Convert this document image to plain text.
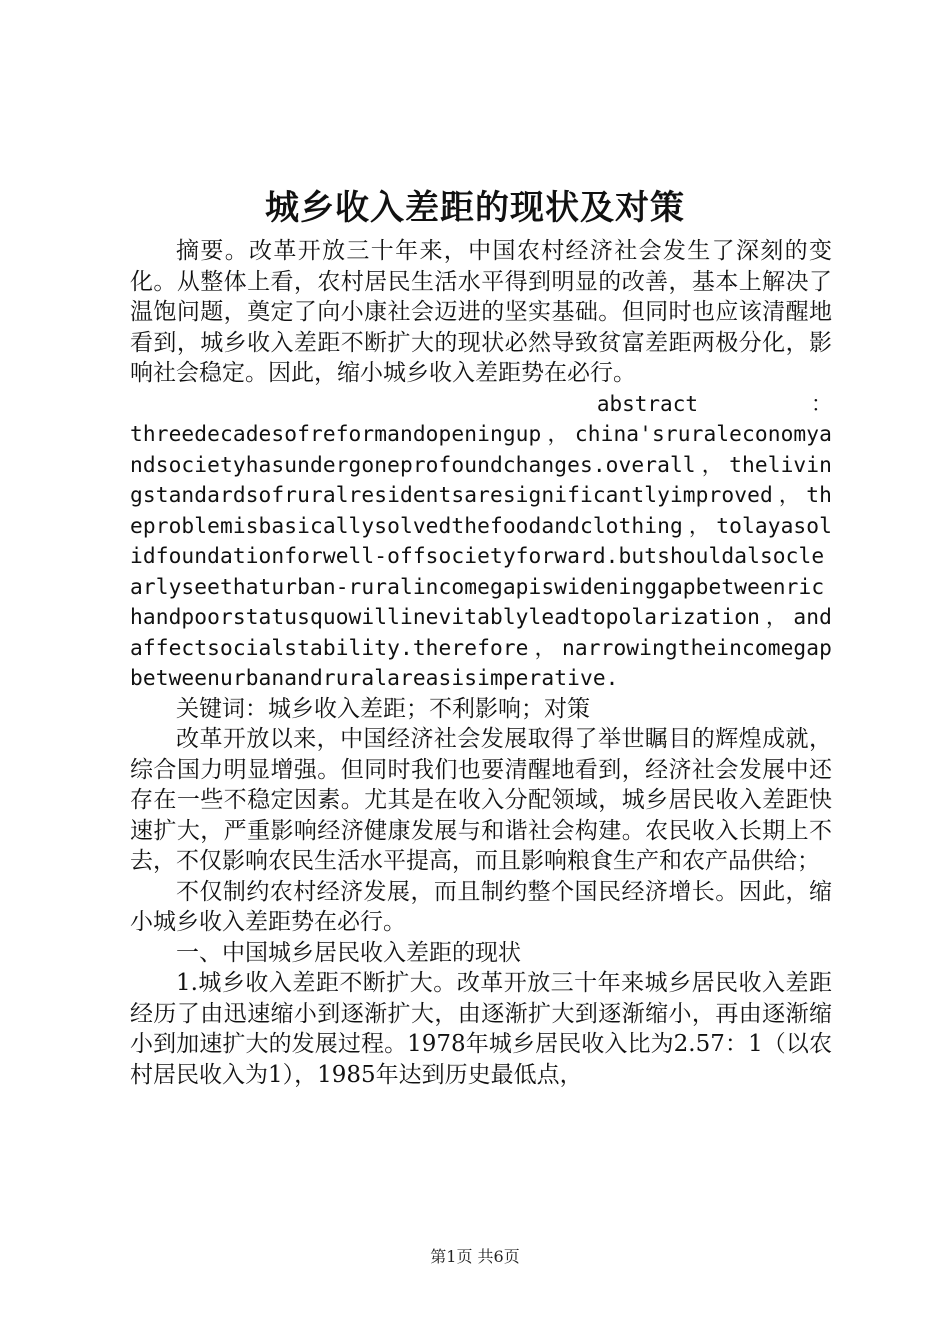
城乡收入差距的现状及对策

摘要。改革开放三十年来，中国农村经济社会发生了深刻的变化。从整体上看，农村居民生活水平得到明显的改善，基本上解决了温饱问题，奠定了向小康社会迈进的坚实基础。但同时也应该清醒地看到，城乡收入差距不断扩大的现状必然导致贫富差距两极分化，影响社会稳定。因此，缩小城乡收入差距势在必行。

abstract	：

threedecadesofreformandopeningup，china'sruraleconomyandsocietyhasundergoneprofoundchanges.overall，thelivingstandardsofruralresidentsaresignificantlyimproved，theproblemisbasicallysolvedthefoodandclothing，tolayasolidfoundationforwell-offsocietyforward.butshouldalsoclearlyseethaturban-ruralincomegapiswideninggapbetweenrichandpoorstatusquowillinevitablyleadtopolarization，andaffectsocialstability.therefore，narrowingtheincomegapbetweenurbanandruralareasisimperative.

关键词：城乡收入差距；不利影响；对策

改革开放以来，中国经济社会发展取得了举世瞩目的辉煌成就，综合国力明显增强。但同时我们也要清醒地看到，经济社会发展中还存在一些不稳定因素。尤其是在收入分配领域，城乡居民收入差距快速扩大，严重影响经济健康发展与和谐社会构建。农民收入长期上不去，不仅影响农民生活水平提高，而且影响粮食生产和农产品供给；

不仅制约农村经济发展，而且制约整个国民经济增长。因此，缩小城乡收入差距势在必行。

一、中国城乡居民收入差距的现状

1.城乡收入差距不断扩大。改革开放三十年来城乡居民收入差距经历了由迅速缩小到逐渐扩大，由逐渐扩大到逐渐缩小，再由逐渐缩小到加速扩大的发展过程。1978年城乡居民收入比为2.57：1（以农村居民收入为1），1985年达到历史最低点，

第1页 共6页
